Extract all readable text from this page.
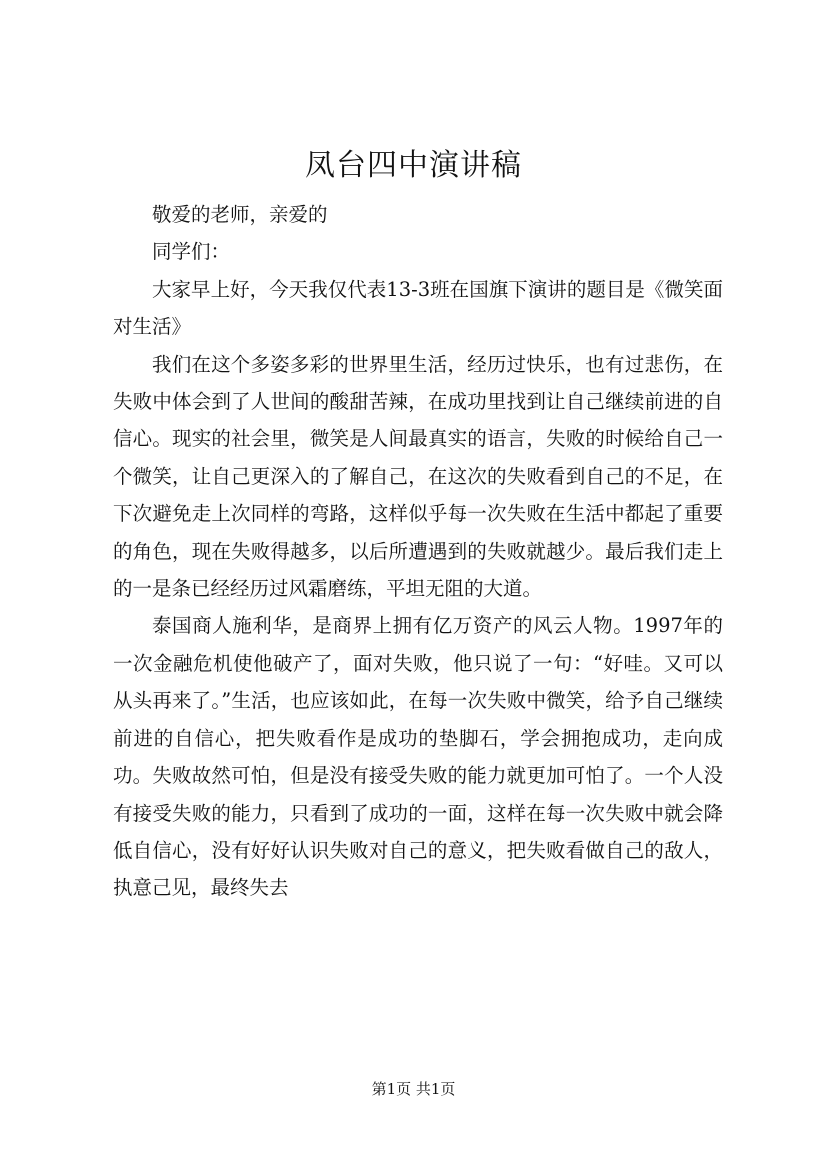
凤台四中演讲稿

敬爱的老师，亲爱的

同学们：

大家早上好，今天我仅代表13-3班在国旗下演讲的题目是《微笑面对生活》

我们在这个多姿多彩的世界里生活，经历过快乐，也有过悲伤，在失败中体会到了人世间的酸甜苦辣，在成功里找到让自己继续前进的自信心。现实的社会里，微笑是人间最真实的语言，失败的时候给自己一个微笑，让自己更深入的了解自己，在这次的失败看到自己的不足，在下次避免走上次同样的弯路，这样似乎每一次失败在生活中都起了重要的角色，现在失败得越多，以后所遭遇到的失败就越少。最后我们走上的一是条已经经历过风霜磨练，平坦无阻的大道。

泰国商人施利华，是商界上拥有亿万资产的风云人物。1997年的一次金融危机使他破产了，面对失败，他只说了一句：“好哇。又可以从头再来了。”生活，也应该如此，在每一次失败中微笑，给予自己继续前进的自信心，把失败看作是成功的垫脚石，学会拥抱成功，走向成功。失败故然可怕，但是没有接受失败的能力就更加可怕了。一个人没有接受失败的能力，只看到了成功的一面，这样在每一次失败中就会降低自信心，没有好好认识失败对自己的意义，把失败看做自己的敌人，执意己见，最终失去

第1页 共1页
